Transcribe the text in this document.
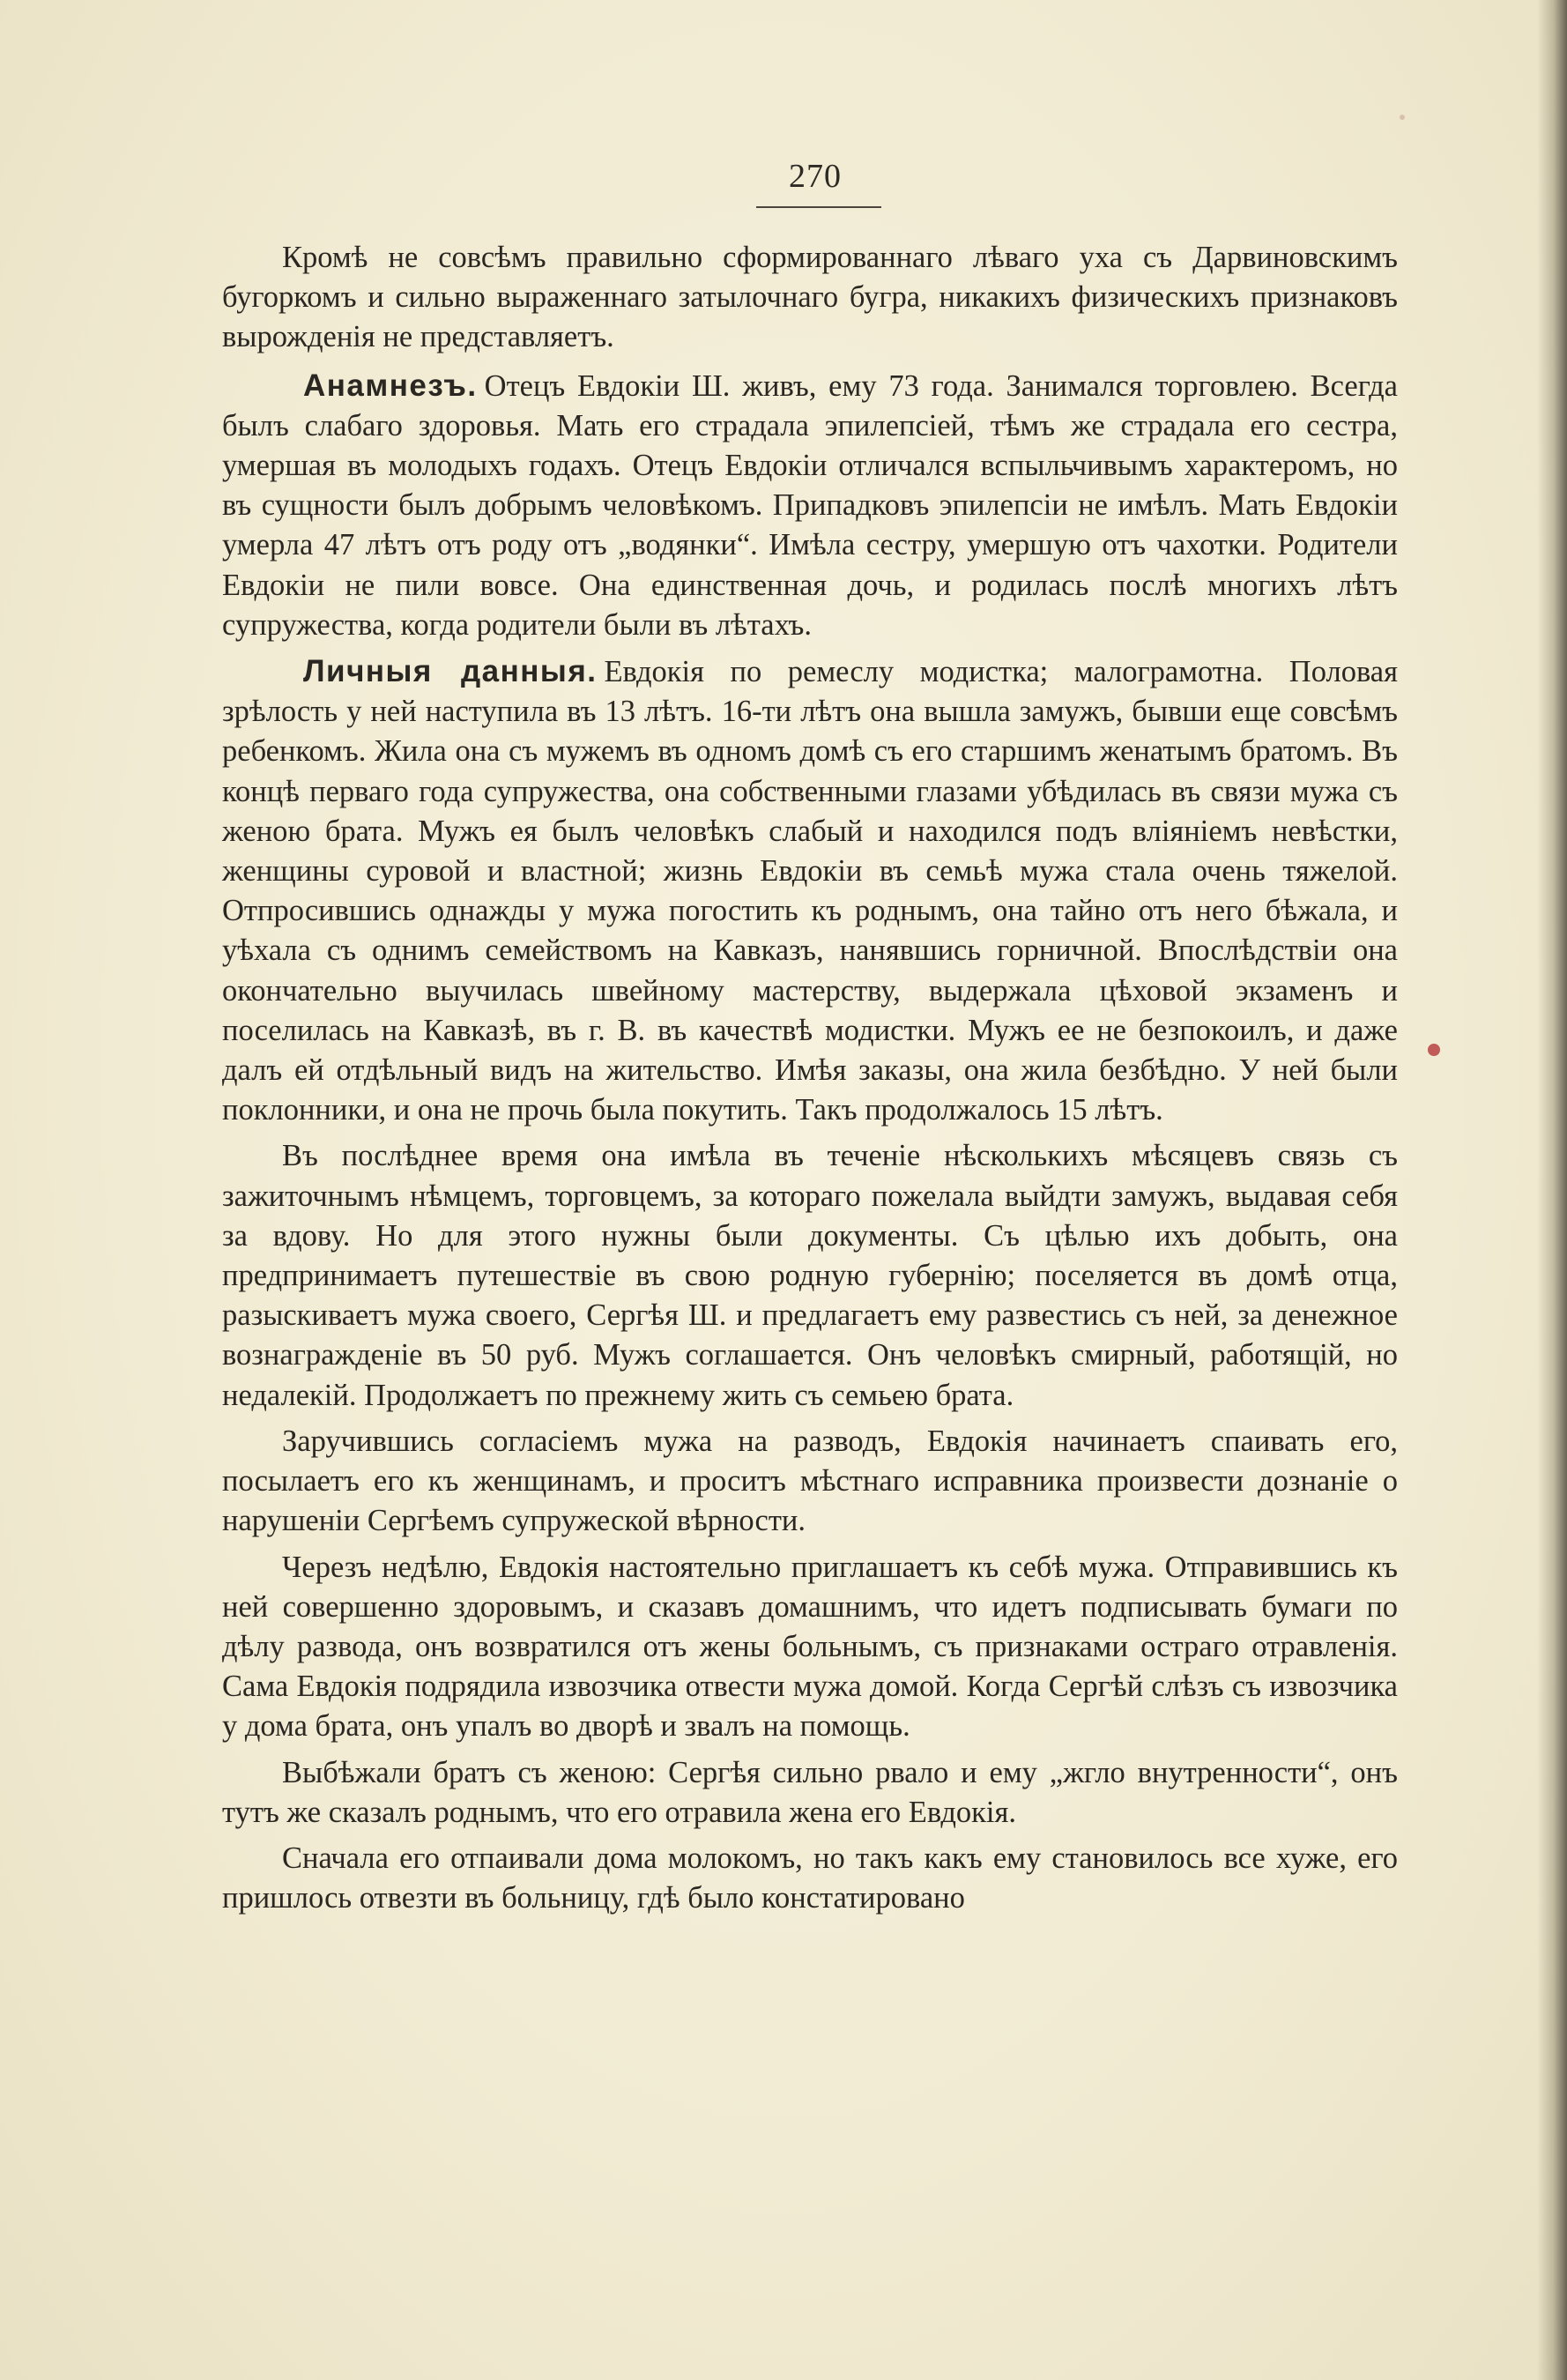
270

Кромѣ не совсѣмъ правильно сформированнаго лѣваго уха съ Дарвиновскимъ бугоркомъ и сильно выраженнаго затылочнаго бугра, никакихъ физическихъ признаковъ вырожденія не представляетъ.

Анамнезъ. Отецъ Евдокіи Ш. живъ, ему 73 года. Занимался торговлею. Всегда былъ слабаго здоровья. Мать его страдала эпилепсіей, тѣмъ же страдала его сестра, умершая въ молодыхъ годахъ. Отецъ Евдокіи отличался вспыльчивымъ характеромъ, но въ сущности былъ добрымъ человѣкомъ. Припадковъ эпилепсіи не имѣлъ. Мать Евдокіи умерла 47 лѣтъ отъ роду отъ „водянки“. Имѣла сестру, умершую отъ чахотки. Родители Евдокіи не пили вовсе. Она единственная дочь, и родилась послѣ многихъ лѣтъ супружества, когда родители были въ лѣтахъ.

Личныя данныя. Евдокія по ремеслу модистка; малограмотна. Половая зрѣлость у ней наступила въ 13 лѣтъ. 16-ти лѣтъ она вышла замужъ, бывши еще совсѣмъ ребенкомъ. Жила она съ мужемъ въ одномъ домѣ съ его старшимъ женатымъ братомъ. Въ концѣ перваго года супружества, она собственными глазами убѣдилась въ связи мужа съ женою брата. Мужъ ея былъ человѣкъ слабый и находился подъ вліяніемъ невѣстки, женщины суровой и властной; жизнь Евдокіи въ семьѣ мужа стала очень тяжелой. Отпросившись однажды у мужа погостить къ роднымъ, она тайно отъ него бѣжала, и уѣхала съ однимъ семействомъ на Кавказъ, нанявшись горничной. Впослѣдствіи она окончательно выучилась швейному мастерству, выдержала цѣховой экзаменъ и поселилась на Кавказѣ, въ г. В. въ качествѣ модистки. Мужъ ее не безпокоилъ, и даже далъ ей отдѣльный видъ на жительство. Имѣя заказы, она жила безбѣдно. У ней были поклонники, и она не прочь была покутить. Такъ продолжалось 15 лѣтъ.

Въ послѣднее время она имѣла въ теченіе нѣсколькихъ мѣсяцевъ связь съ зажиточнымъ нѣмцемъ, торговцемъ, за котораго пожелала выйдти замужъ, выдавая себя за вдову. Но для этого нужны были документы. Съ цѣлью ихъ добыть, она предпринимаетъ путешествіе въ свою родную губернію; поселяется въ домѣ отца, разыскиваетъ мужа своего, Сергѣя Ш. и предлагаетъ ему развестись съ ней, за денежное вознагражденіе въ 50 руб. Мужъ соглашается. Онъ человѣкъ смирный, работящій, но недалекій. Продолжаетъ по прежнему жить съ семьею брата.

Заручившись согласіемъ мужа на разводъ, Евдокія начинаетъ спаивать его, посылаетъ его къ женщинамъ, и проситъ мѣстнаго исправника произвести дознаніе о нарушеніи Сергѣемъ супружеской вѣрности.

Черезъ недѣлю, Евдокія настоятельно приглашаетъ къ себѣ мужа. Отправившись къ ней совершенно здоровымъ, и сказавъ домашнимъ, что идетъ подписывать бумаги по дѣлу развода, онъ возвратился отъ жены больнымъ, съ признаками остраго отравленія. Сама Евдокія подрядила извозчика отвести мужа домой. Когда Сергѣй слѣзъ съ извозчика у дома брата, онъ упалъ во дворѣ и звалъ на помощь.

Выбѣжали братъ съ женою: Сергѣя сильно рвало и ему „жгло внутренности“, онъ тутъ же сказалъ роднымъ, что его отравила жена его Евдокія.

Сначала его отпаивали дома молокомъ, но такъ какъ ему становилось все хуже, его пришлось отвезти въ больницу, гдѣ было констатировано
